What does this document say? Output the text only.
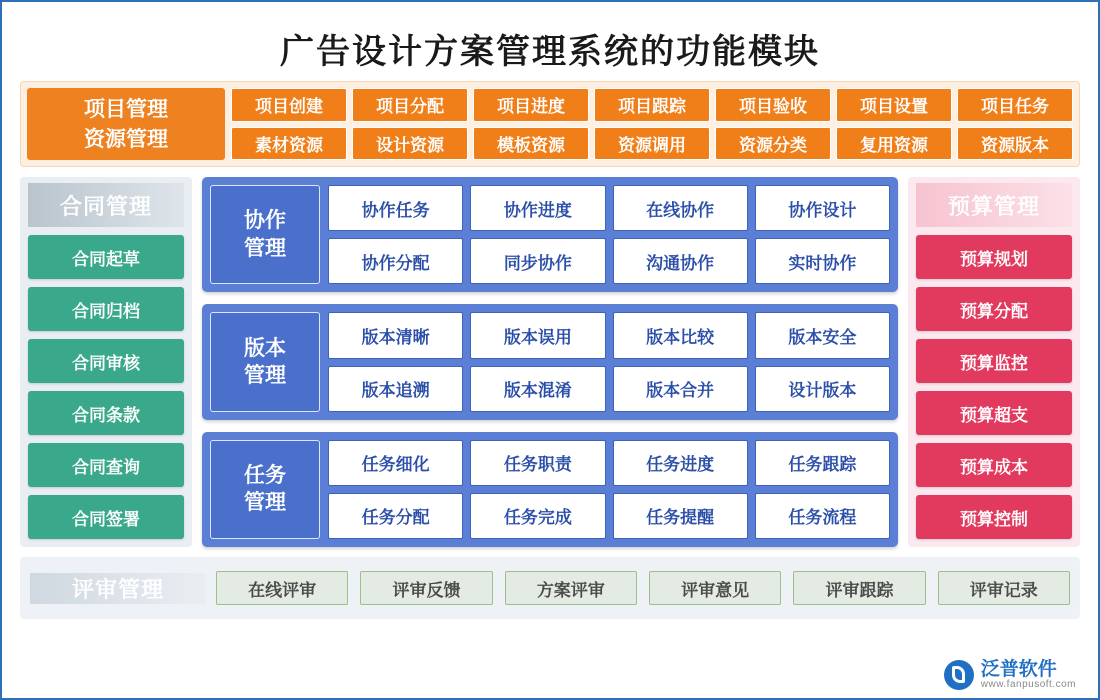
广告设计方案管理系统的功能模块
项目管理
资源管理
项目创建	项目分配	项目进度	项目跟踪	项目验收	项目设置	项目任务
素材资源	设计资源	模板资源	资源调用	资源分类	复用资源	资源版本
合同管理
合同起草
合同归档
合同审核
合同条款
合同查询
合同签署
协作
管理
协作任务	协作进度	在线协作	协作设计
协作分配	同步协作	沟通协作	实时协作
版本
管理
版本清晰	版本误用	版本比较	版本安全
版本追溯	版本混淆	版本合并	设计版本
任务
管理
任务细化	任务职责	任务进度	任务跟踪
任务分配	任务完成	任务提醒	任务流程
预算管理
预算规划
预算分配
预算监控
预算超支
预算成本
预算控制
评审管理	在线评审	评审反馈	方案评审	评审意见	评审跟踪	评审记录
泛普软件
www.fanpusoft.com
